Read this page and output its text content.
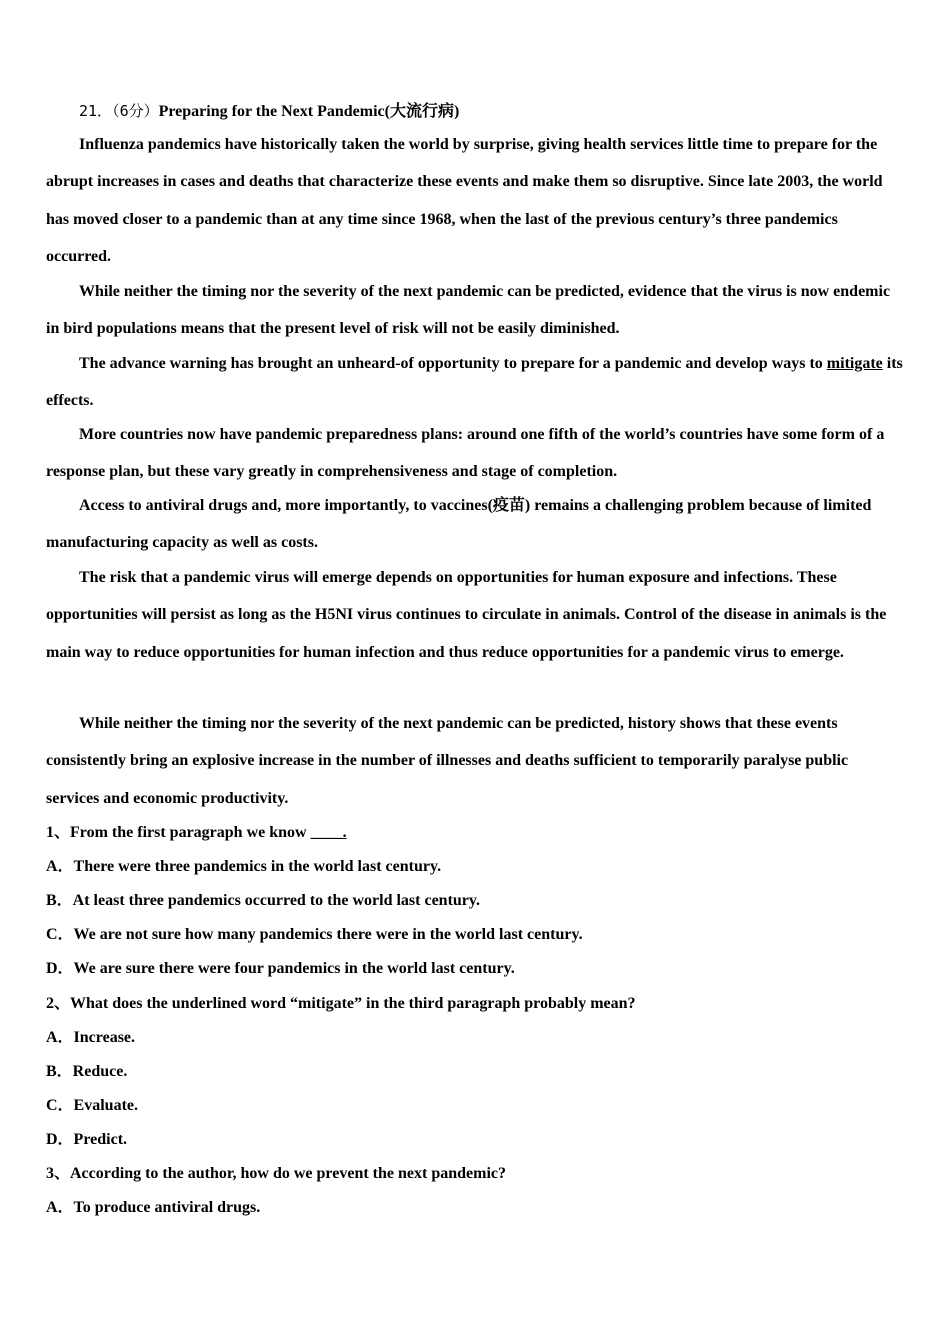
21．（6分）Preparing for the Next Pandemic(大流行病)

Influenza pandemics have historically taken the world by surprise, giving health services little time to prepare for the abrupt increases in cases and deaths that characterize these events and make them so disruptive. Since late 2003, the world has moved closer to a pandemic than at any time since 1968, when the last of the previous century’s three pandemics occurred.

While neither the timing nor the severity of the next pandemic can be predicted, evidence that the virus is now endemic in bird populations means that the present level of risk will not be easily diminished.

The advance warning has brought an unheard-of opportunity to prepare for a pandemic and develop ways to mitigate its effects.

More countries now have pandemic preparedness plans: around one fifth of the world’s countries have some form of a response plan, but these vary greatly in comprehensiveness and stage of completion.

Access to antiviral drugs and, more importantly, to vaccines(疫苗) remains a challenging problem because of limited manufacturing capacity as well as costs.

The risk that a pandemic virus will emerge depends on opportunities for human exposure and infections. These opportunities will persist as long as the H5NI virus continues to circulate in animals. Control of the disease in animals is the main way to reduce opportunities for human infection and thus reduce opportunities for a pandemic virus to emerge.

While neither the timing nor the severity of the next pandemic can be predicted, history shows that these events consistently bring an explosive increase in the number of illnesses and deaths sufficient to temporarily paralyse public services and economic productivity.

1、From the first paragraph we know ____.
A．There were three pandemics in the world last century.
B．At least three pandemics occurred to the world last century.
C．We are not sure how many pandemics there were in the world last century.
D．We are sure there were four pandemics in the world last century.
2、What does the underlined word “mitigate” in the third paragraph probably mean?
A．Increase.
B．Reduce.
C．Evaluate.
D．Predict.
3、According to the author, how do we prevent the next pandemic?
A．To produce antiviral drugs.
